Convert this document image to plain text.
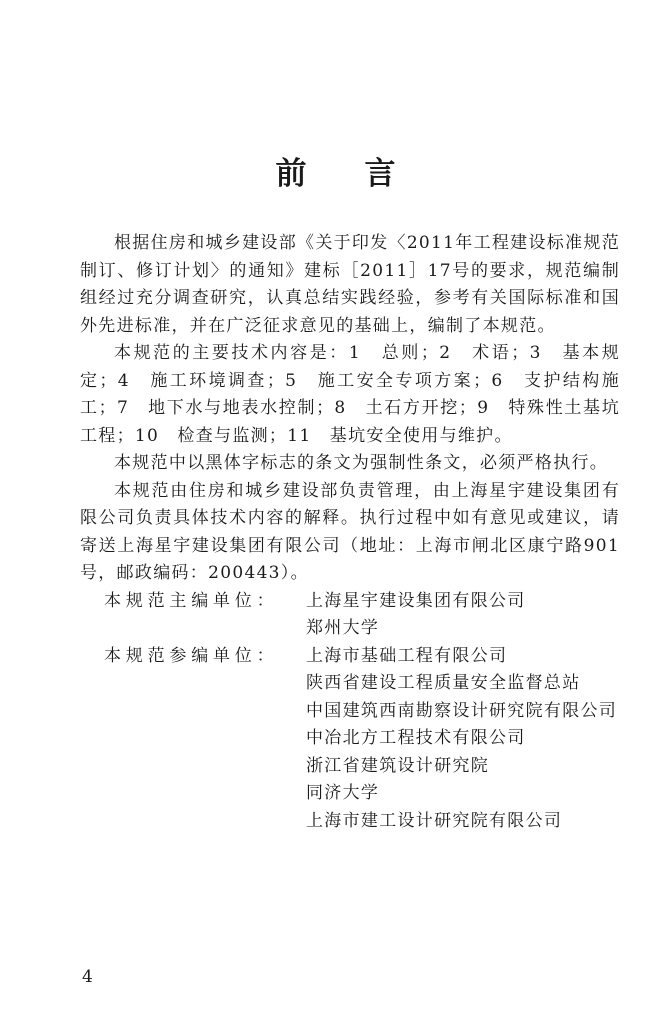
前言

根据住房和城乡建设部《关于印发〈2011年工程建设标准规范制订、修订计划〉的通知》建标［2011］17号的要求，规范编制组经过充分调查研究，认真总结实践经验，参考有关国际标准和国外先进标准，并在广泛征求意见的基础上，编制了本规范。

本规范的主要技术内容是：1　总则；2　术语；3　基本规定；4　施工环境调查；5　施工安全专项方案；6　支护结构施工；7　地下水与地表水控制；8　土石方开挖；9　特殊性土基坑工程；10　检查与监测；11　基坑安全使用与维护。

本规范中以黑体字标志的条文为强制性条文，必须严格执行。

本规范由住房和城乡建设部负责管理，由上海星宇建设集团有限公司负责具体技术内容的解释。执行过程中如有意见或建议，请寄送上海星宇建设集团有限公司（地址：上海市闸北区康宁路901号，邮政编码：200443）。

本规范主编单位：	上海星宇建设集团有限公司
郑州大学
本规范参编单位：	上海市基础工程有限公司
陕西省建设工程质量安全监督总站
中国建筑西南勘察设计研究院有限公司
中冶北方工程技术有限公司
浙江省建筑设计研究院
同济大学
上海市建工设计研究院有限公司
4
